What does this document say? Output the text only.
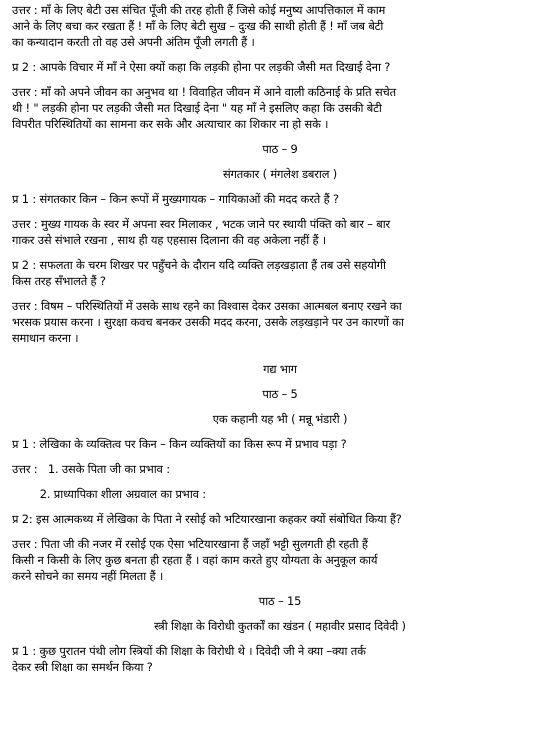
उत्तर : माँ के लिए बेटी उस संचित पूँजी की तरह होती हैं जिसे कोई मनुष्य आपत्तिकाल में काम
आने के लिए बचा कर रखता हैं ! माँ के लिए बेटी सुख – दुःख की साथी होती हैं ! माँ जब बेटी
का कन्यादान करती तो वह उसे अपनी अंतिम पूँजी लगती हैं ।

प्र 2 : आपके विचार में माँ ने ऐसा क्यों कहा कि लड़की होना पर लड़की जैसी मत दिखाई देना ?

उत्तर : माँ को अपने जीवन का अनुभव था ! विवाहित जीवन में आने वाली कठिनाई के प्रति सचेत
थी ! " लड़की होना पर लड़की जैसी मत दिखाई देना " यह माँ ने इसलिए कहा कि उसकी बेटी
विपरीत परिस्थितियों का सामना कर सके और अत्याचार का शिकार ना हो सके ।

पाठ – 9

संगतकार ( मंगलेश डबराल )

प्र 1 : संगतकार किन – किन रूपों में मुख्यगायक – गायिकाओं की मदद करते हैं ?

उत्तर : मुख्य गायक के स्वर में अपना स्वर मिलाकर , भटक जाने पर स्थायी पंक्ति को बार – बार
गाकर उसे संभाले रखना , साथ ही यह एहसास दिलाना की वह अकेला नहीं हैं ।

प्र 2 : सफलता के चरम शिखर पर पहुँचने के दौरान यदि व्यक्ति लड़खड़ाता हैं तब उसे सहयोगी
किस तरह सँभालते हैं ?

उत्तर : विषम – परिस्थितियों में उसके साथ रहने का विश्वास देकर उसका आत्मबल बनाए रखने का
भरसक प्रयास करना । सुरक्षा कवच बनकर उसकी मदद करना, उसके लड़खड़ाने पर उन कारणों का
समाधान करना ।

गद्य भाग

पाठ – 5

एक कहानी यह भी ( मन्नू भंडारी )

प्र 1 : लेखिका के व्यक्तित्व पर किन – किन व्यक्तियों का किस रूप में प्रभाव पड़ा ?

उत्तर :   1. उसके पिता जी का प्रभाव :

2. प्राध्यापिका शीला अग्रवाल का प्रभाव :

प्र 2: इस आत्मकथ्य में लेखिका के पिता ने रसोई को भटियारखाना कहकर क्यों संबोधित किया हैं?

उत्तर : पिता जी की नजर में रसोई एक ऐसा भटियारखाना हैं जहाँ भट्टी सुलगती ही रहती हैं
किसी न किसी के लिए कुछ बनता ही रहता हैं । वहां काम करते हुए योग्यता के अनुकूल कार्य
करने सोचने का समय नहीं मिलता हैं ।

पाठ – 15

स्त्री शिक्षा के विरोधी कुतर्कों का खंडन ( महावीर प्रसाद दिवेदी )

प्र 1 : कुछ पुरातन पंथी लोग स्त्रियों की शिक्षा के विरोधी थे । दिवेदी जी ने क्या –क्या तर्क
देकर स्त्री शिक्षा का समर्थन किया ?
